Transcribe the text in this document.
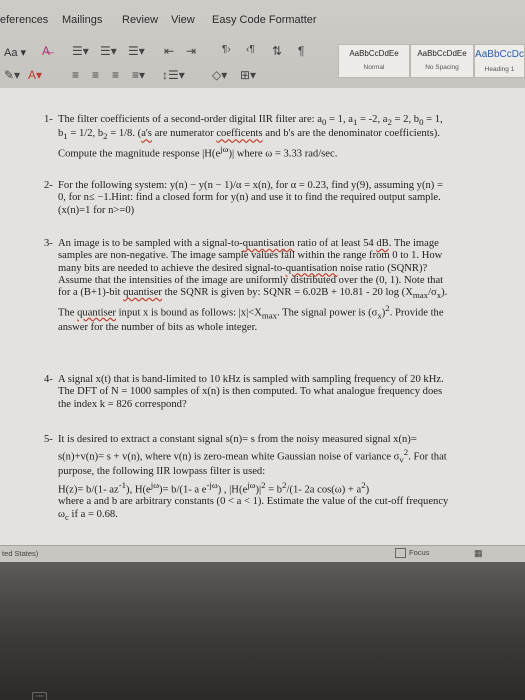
eferences Mailings Review View Easy Code Formatter
Aa ▾ A̶ ☰▾ ☰▾ ☰▾ ⇤ ⇥	¶› ‹¶ ⇅ ¶
✎▾ A▾ ≡ ≡ ≡ ≡▾ ↕☰▾ ◇▾ ⊞▾
AaBbCcDdEe
Normal
AaBbCcDdEe
No Spacing
AaBbCcDc
Heading 1
1- The filter coefficients of a second-order digital IIR filter are: $a_0 = 1$, $a_1 = -2$, $a_2 = 2$, $b_0 = 1$, $b_1 = 1/2$, $b_2 = 1/8$. (a's are numerator coefficents and b's are the denominator coefficients). Compute the magnitude response $|H(e^{j\omega})|$ where ω = 3.33 rad/sec.

2- For the following system: y(n) − y(n − 1)/α = x(n), for α = 0.23, find y(9), assuming y(n) = 0, for n≤ −1.Hint: find a closed form for y(n) and use it to find the required output sample. (x(n)=1 for n>=0)

3- An image is to be sampled with a signal-to-quantisation ratio of at least 54 dB. The image samples are non-negative. The image sample values fall within the range from 0 to 1. How many bits are needed to achieve the desired signal-to-quantisation noise ratio (SQNR)? Assume that the intensities of the image are uniformly distributed over the (0, 1). Note that for a (B+1)-bit quantiser the SQNR is given by: SQNR = 6.02B + 10.81 - 20 $\log (X_{max}/\sigma_x)$. The quantiser input x is bound as follows: $|x|<X_{max}$. The signal power is $(\sigma_x)^2$. Provide the answer for the number of bits as whole integer.

4- A signal x(t) that is band-limited to 10 kHz is sampled with sampling frequency of 20 kHz. The DFT of N = 1000 samples of x(n) is then computed. To what analogue frequency does the index k = 826 correspond?

5- It is desired to extract a constant signal s(n)= s from the noisy measured signal x(n)= s(n)+v(n)= s + v(n), where v(n) is zero-mean white Gaussian noise of variance $\sigma_v^2$. For that purpose, the following IIR lowpass filter is used:
H(z)= b/(1- $az^{-1}$), $H(e^{j\omega})= b/(1-$ a $e^{-j\omega}$) , $|H(e^{j\omega})|^2 = b^2/(1-$ 2a $\cos(\omega) + a^2$)
where a and b are arbitrary constants (0 < a < 1). Estimate the value of the cut-off frequency $\omega_c$ if a = 0.68.

ted States)	Focus	▦
▫▫▫
